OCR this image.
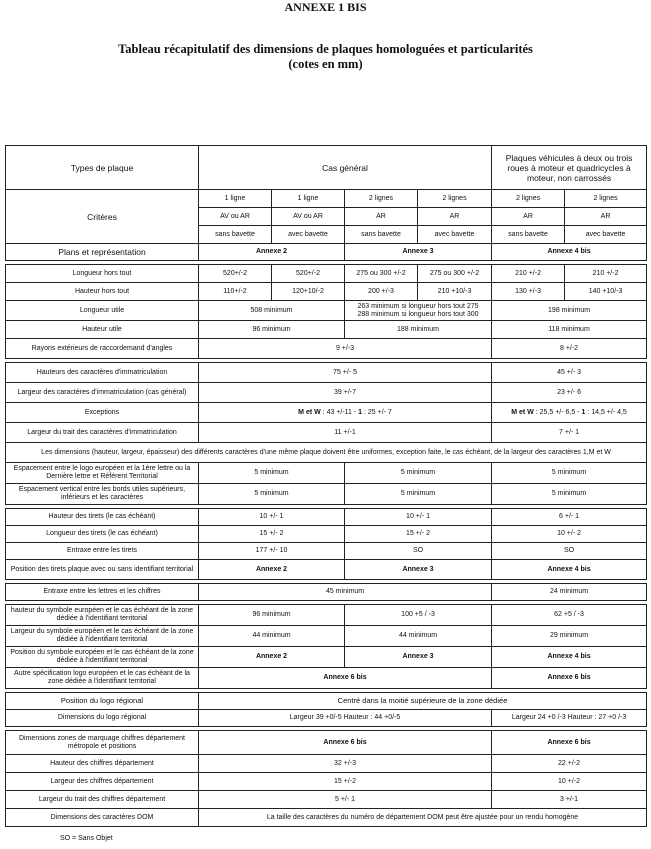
ANNEXE 1 BIS
Tableau récapitulatif des dimensions de plaques homologuées et particularités
(cotes en mm)
Types de plaque	Cas général				Plaques véhicules à deux ou trois roues à moteur et quadricycles à moteur, non carrossés	
Critères	1 ligne	1 ligne	2 lignes	2 lignes	2 lignes	2 lignes
	AV ou AR	AV ou AR	AR	AR	AR	AR
	sans bavette	avec bavette	sans bavette	avec bavette	sans bavette	avec bavette
Plans et représentation	Annexe 2		Annexe 3		Annexe 4 bis	

Longueur hors tout	520+/-2	520+/-2	275 ou 300 +/-2	275 ou 300 +/-2	210 +/-2	210 +/-2
Hauteur hors tout	110+/-2	120+10/-2	200 +/-3	210 +10/-3	130 +/-3	140 +10/-3
Longueur utile	508 minimum		263 minimum si longueur hors tout 275
288 minimum si longueur hors tout 300		198 minimum	
Hauteur utile	96 minimum		188 minimum		118 minimum	
Rayons extérieurs de raccordemand d'angles	9 +/-3				8 +/-2	

Hauteurs des caractères d'immatriculation	75 +/- 5				45 +/- 3	
Largeur des caractères d'immatriculation (cas général)	39 +/-7				23 +/- 6	
Exceptions	M et W : 43 +/-11 - 1 : 25 +/- 7				M et W : 25,5 +/- 6,5 - 1 : 14,5 +/- 4,5	
Largeur du trait des caractères d'immatriculation	11 +/-1				7 +/- 1	
Les dimensions (hauteur, largeur, épaisseur) des différents caractères d'une même plaque doivent être uniformes, exception faite, le cas échéant, de la largeur des caractères 1,M et W						
Espacement entre le logo européen et la 1ère lettre ou la Dernière lettre et Référent Territorial	5 minimum		5 minimum		5 minimum	
Espacement vertical entre les bords utiles supérieurs, inférieurs et les caractères	5 minimum		5 minimum		5 minimum	

Hauteur des tirets (le cas échéant)	10 +/- 1		10 +/- 1		6 +/- 1	
Longueur des tirets (le cas échéant)	15 +/- 2		15 +/- 2		10 +/- 2	
Entraxe entre les tirets	177 +/- 10		SO		SO	
Position des tirets plaque avec ou sans identifiant territorial	Annexe 2		Annexe 3		Annexe 4 bis	

Entraxe entre les lettres et les chiffres	45 minimum				24 minimum	

hauteur du symbole européen et le cas échéant de la zone dédiée à l'identifiant territorial	96 minimum		100 +5 / -3		62 +5 / -3	
Largeur du symbole européen et le cas échéant de la zone dédiée à l'identifiant territorial	44 minimum		44 minimum		29 minimum	
Position du symbole européen et le cas échéant de la zone dédiée à l'identifiant territorial	Annexe 2		Annexe 3		Annexe 4 bis	
Autre spécification logo européen et le cas échéant de la zone dédiée à l'identifiant territorial	Annexe 6 bis				Annexe 6 bis	

Position du logo régional	Centré dans la moitié supérieure de la zone dédiée					
Dimensions du logo régional	Largeur 39 +0/-5 Hauteur : 44 +0/-5				Largeur 24 +0 /-3 Hauteur : 27 +0 /-3	

Dimensions zones de marquage chiffres département métropole et positions	Annexe 6 bis				Annexe 6 bis	
Hauteur des chiffres département	32 +/-3				22 +/-2	
Largeur des chiffres département	15 +/-2				10 +/-2	
Largeur du trait des chiffres département	5 +/- 1				3 +/-1	
Dimensions des caractères DOM	La taille des caractères du numéro de département DOM peut être ajustée pour un rendu homogène					
SO = Sans Objet
